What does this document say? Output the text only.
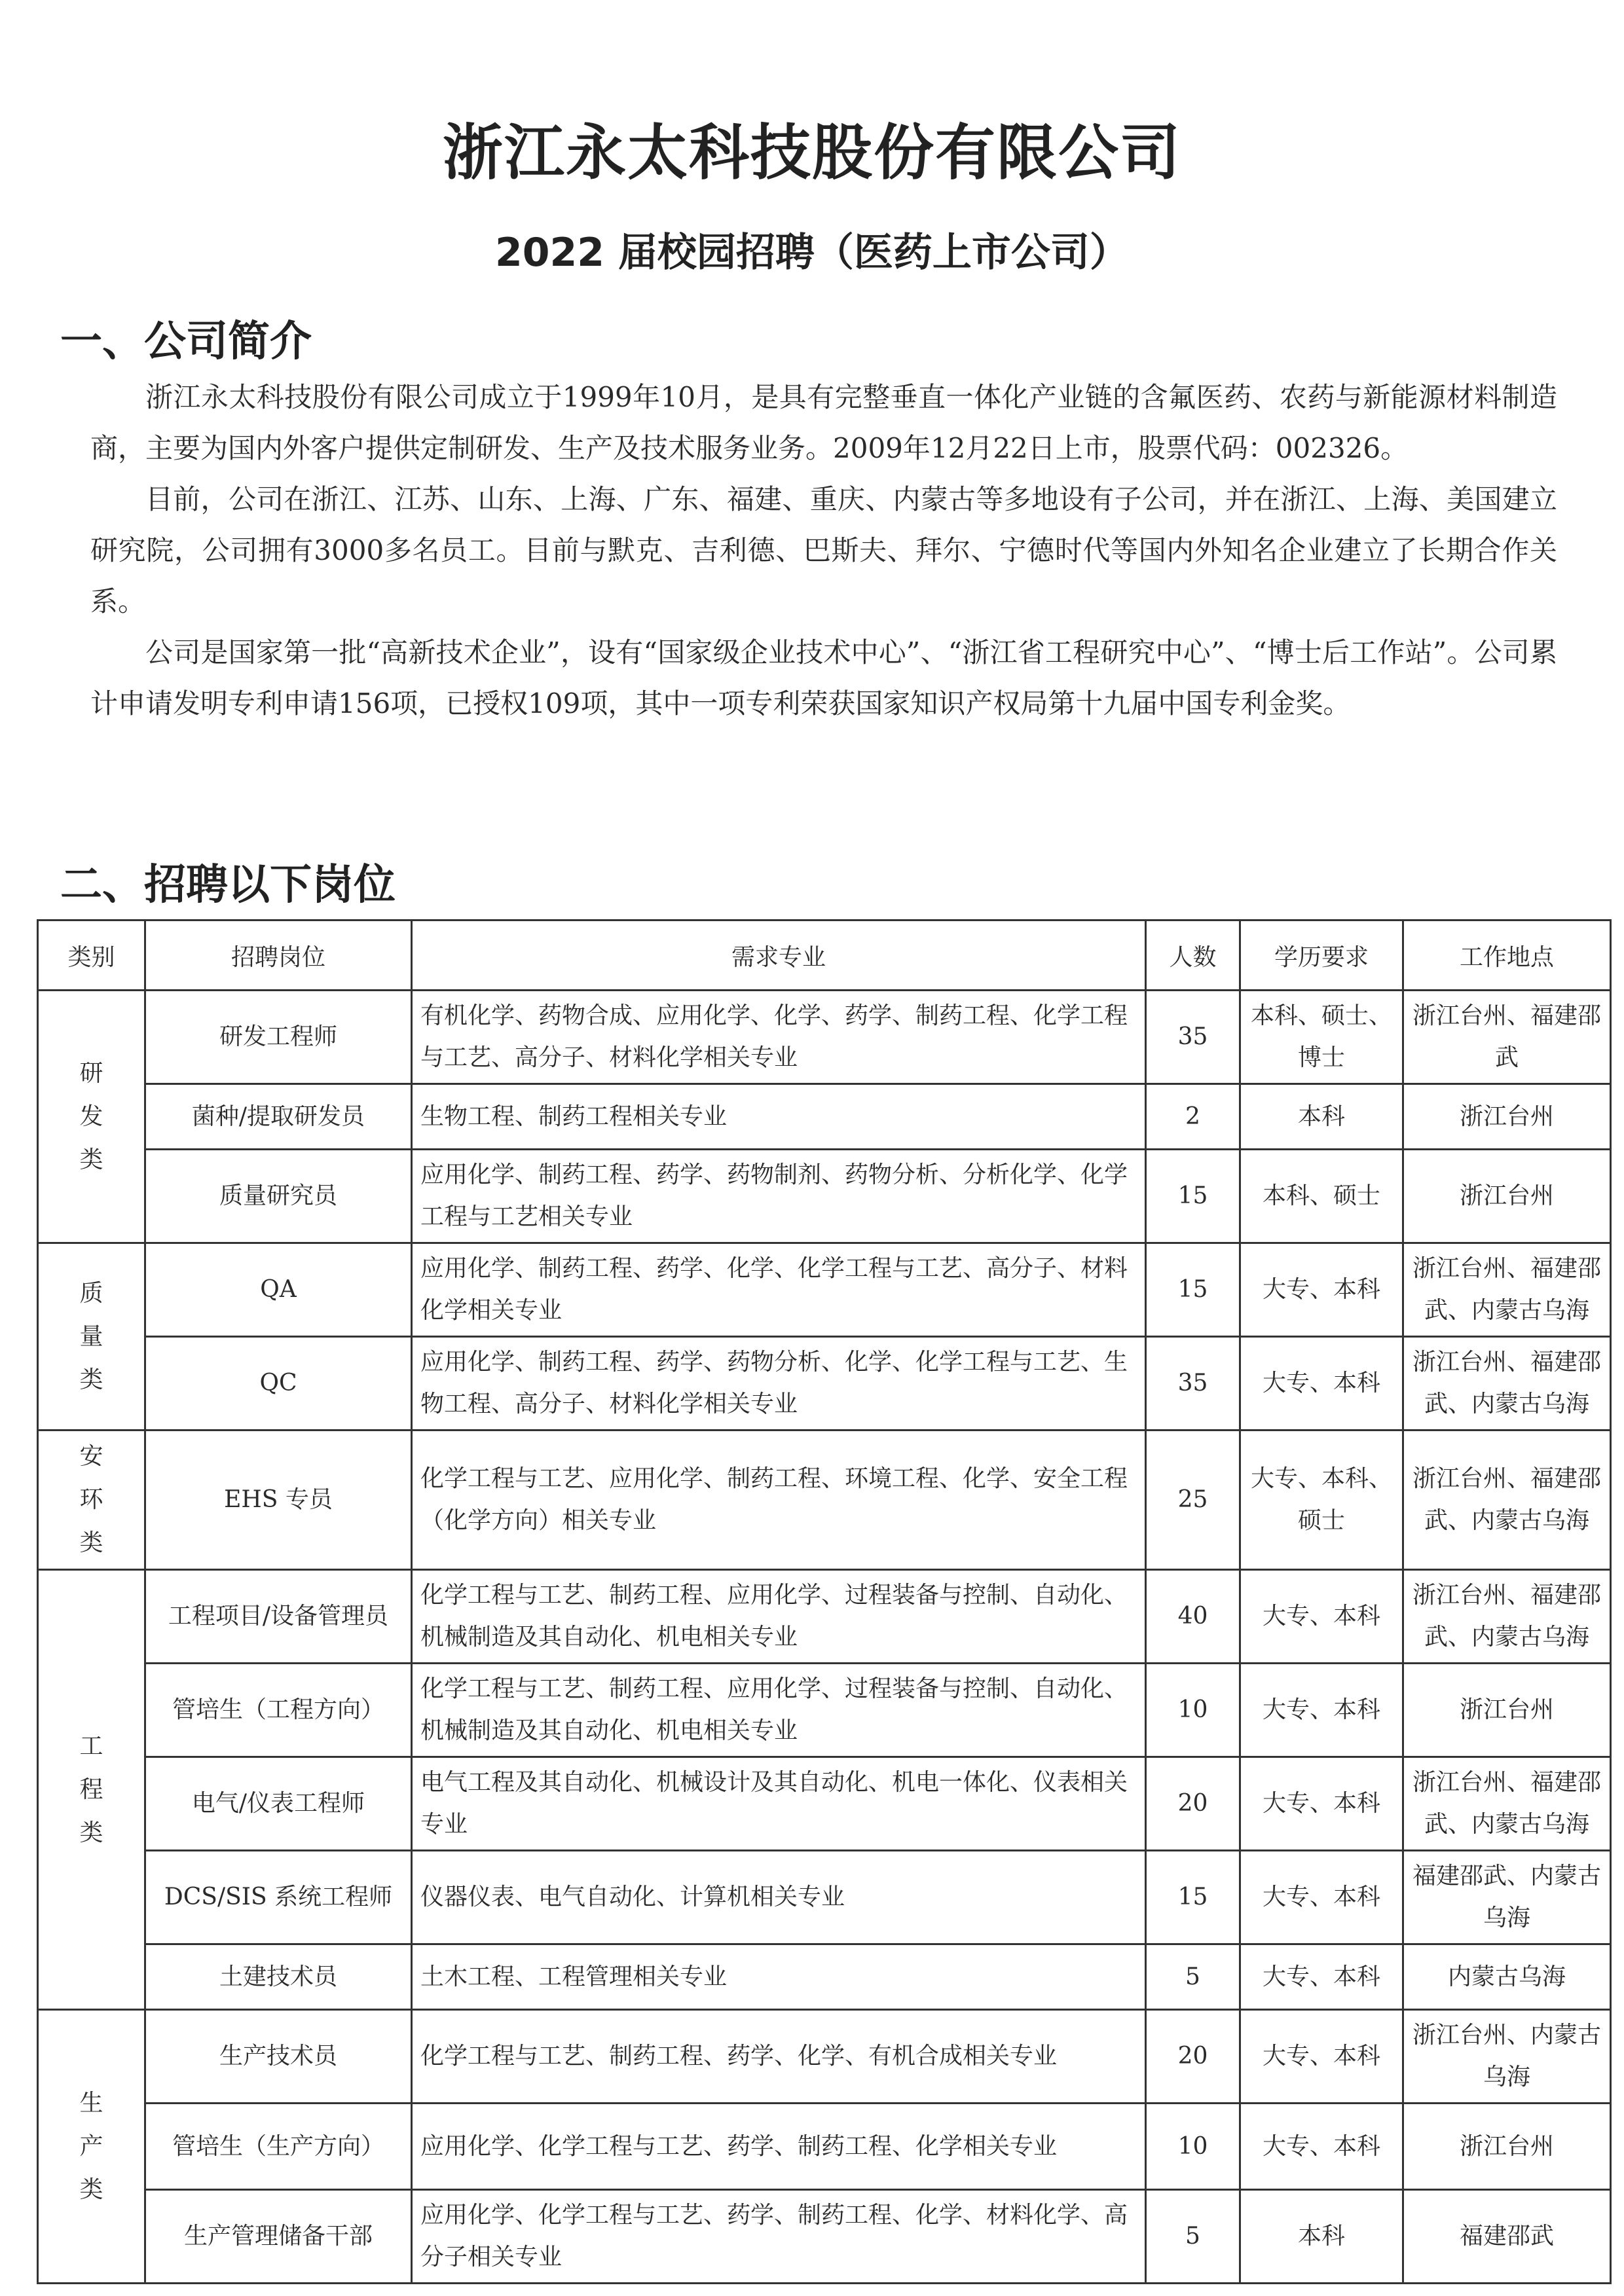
浙江永太科技股份有限公司
2022 届校园招聘（医药上市公司）
一、公司简介

浙江永太科技股份有限公司成立于1999年10月，是具有完整垂直一体化产业链的含氟医药、农药与新能源材料制造商，主要为国内外客户提供定制研发、生产及技术服务业务。2009年12月22日上市，股票代码：002326。

目前，公司在浙江、江苏、山东、上海、广东、福建、重庆、内蒙古等多地设有子公司，并在浙江、上海、美国建立研究院，公司拥有3000多名员工。目前与默克、吉利德、巴斯夫、拜尔、宁德时代等国内外知名企业建立了长期合作关系。

公司是国家第一批“高新技术企业”，设有“国家级企业技术中心”、“浙江省工程研究中心”、“博士后工作站”。公司累计申请发明专利申请156项，已授权109项，其中一项专利荣获国家知识产权局第十九届中国专利金奖。

二、招聘以下岗位
类别	招聘岗位	需求专业	人数	学历要求	工作地点

研
发
类	研发工程师	有机化学、药物合成、应用化学、化学、药学、制药工程、化学工程与工艺、高分子、材料化学相关专业	35	本科、硕士、博士	浙江台州、福建邵武
	菌种/提取研发员	生物工程、制药工程相关专业	2	本科	浙江台州
	质量研究员	应用化学、制药工程、药学、药物制剂、药物分析、分析化学、化学工程与工艺相关专业	15	本科、硕士	浙江台州

质
量
类	QA	应用化学、制药工程、药学、化学、化学工程与工艺、高分子、材料化学相关专业	15	大专、本科	浙江台州、福建邵武、内蒙古乌海
	QC	应用化学、制药工程、药学、药物分析、化学、化学工程与工艺、生物工程、高分子、材料化学相关专业	35	大专、本科	浙江台州、福建邵武、内蒙古乌海

安
环
类	EHS 专员	化学工程与工艺、应用化学、制药工程、环境工程、化学、安全工程（化学方向）相关专业	25	大专、本科、硕士	浙江台州、福建邵武、内蒙古乌海

工
程
类	工程项目/设备管理员	化学工程与工艺、制药工程、应用化学、过程装备与控制、自动化、机械制造及其自动化、机电相关专业	40	大专、本科	浙江台州、福建邵武、内蒙古乌海
	管培生（工程方向）	化学工程与工艺、制药工程、应用化学、过程装备与控制、自动化、机械制造及其自动化、机电相关专业	10	大专、本科	浙江台州
	电气/仪表工程师	电气工程及其自动化、机械设计及其自动化、机电一体化、仪表相关专业	20	大专、本科	浙江台州、福建邵武、内蒙古乌海
	DCS/SIS 系统工程师	仪器仪表、电气自动化、计算机相关专业	15	大专、本科	福建邵武、内蒙古乌海
	土建技术员	土木工程、工程管理相关专业	5	大专、本科	内蒙古乌海

生
产
类	生产技术员	化学工程与工艺、制药工程、药学、化学、有机合成相关专业	20	大专、本科	浙江台州、内蒙古乌海
	管培生（生产方向）	应用化学、化学工程与工艺、药学、制药工程、化学相关专业	10	大专、本科	浙江台州
	生产管理储备干部	应用化学、化学工程与工艺、药学、制药工程、化学、材料化学、高分子相关专业	5	本科	福建邵武
